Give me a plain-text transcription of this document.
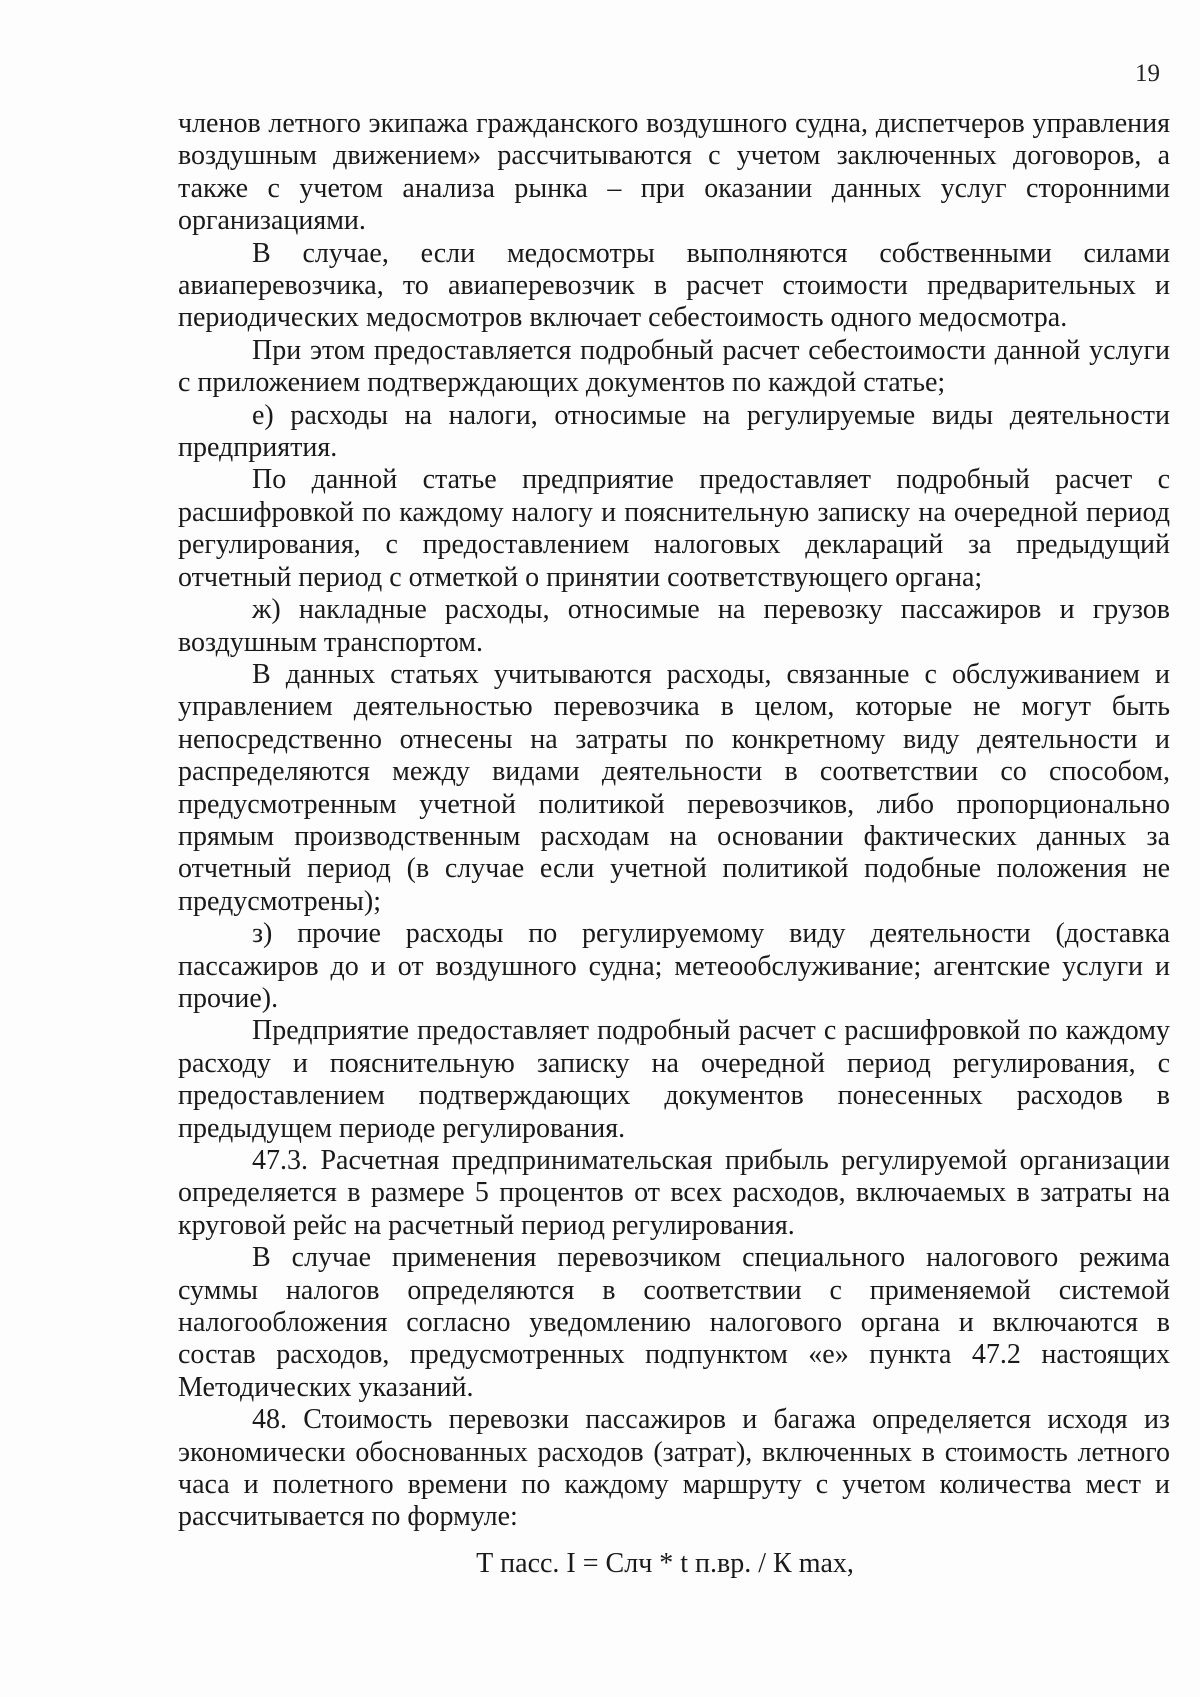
19

членов летного экипажа гражданского воздушного судна, диспетчеров управления воздушным движением» рассчитываются с учетом заключенных договоров, а также с учетом анализа рынка – при оказании данных услуг сторонними организациями.

В случае, если медосмотры выполняются собственными силами авиаперевозчика, то авиаперевозчик в расчет стоимости предварительных и периодических медосмотров включает себестоимость одного медосмотра.

При этом предоставляется подробный расчет себестоимости данной услуги с приложением подтверждающих документов по каждой статье;

е) расходы на налоги, относимые на регулируемые виды деятельности предприятия.

По данной статье предприятие предоставляет подробный расчет с расшифровкой по каждому налогу и пояснительную записку на очередной период регулирования, с предоставлением налоговых деклараций за предыдущий отчетный период с отметкой о принятии соответствующего органа;

ж) накладные расходы, относимые на перевозку пассажиров и грузов воздушным транспортом.

В данных статьях учитываются расходы, связанные с обслуживанием и управлением деятельностью перевозчика в целом, которые не могут быть непосредственно отнесены на затраты по конкретному виду деятельности и распределяются между видами деятельности в соответствии со способом, предусмотренным учетной политикой перевозчиков, либо пропорционально прямым производственным расходам на основании фактических данных за отчетный период (в случае если учетной политикой подобные положения не предусмотрены);

з) прочие расходы по регулируемому виду деятельности (доставка пассажиров до и от воздушного судна; метеообслуживание; агентские услуги и прочие).

Предприятие предоставляет подробный расчет с расшифровкой по каждому расходу и пояснительную записку на очередной период регулирования, с предоставлением подтверждающих документов понесенных расходов в предыдущем периоде регулирования.

47.3. Расчетная предпринимательская прибыль регулируемой организации определяется в размере 5 процентов от всех расходов, включаемых в затраты на круговой рейс на расчетный период регулирования.

В случае применения перевозчиком специального налогового режима суммы налогов определяются в соответствии с применяемой системой налогообложения согласно уведомлению налогового органа и включаются в состав расходов, предусмотренных подпунктом «е» пункта 47.2 настоящих Методических указаний.

48. Стоимость перевозки пассажиров и багажа определяется исходя из экономически обоснованных расходов (затрат), включенных в стоимость летного часа и полетного времени по каждому маршруту с учетом количества мест и рассчитывается по формуле:

Т пасс. I = Слч * t п.вр. / К max,
